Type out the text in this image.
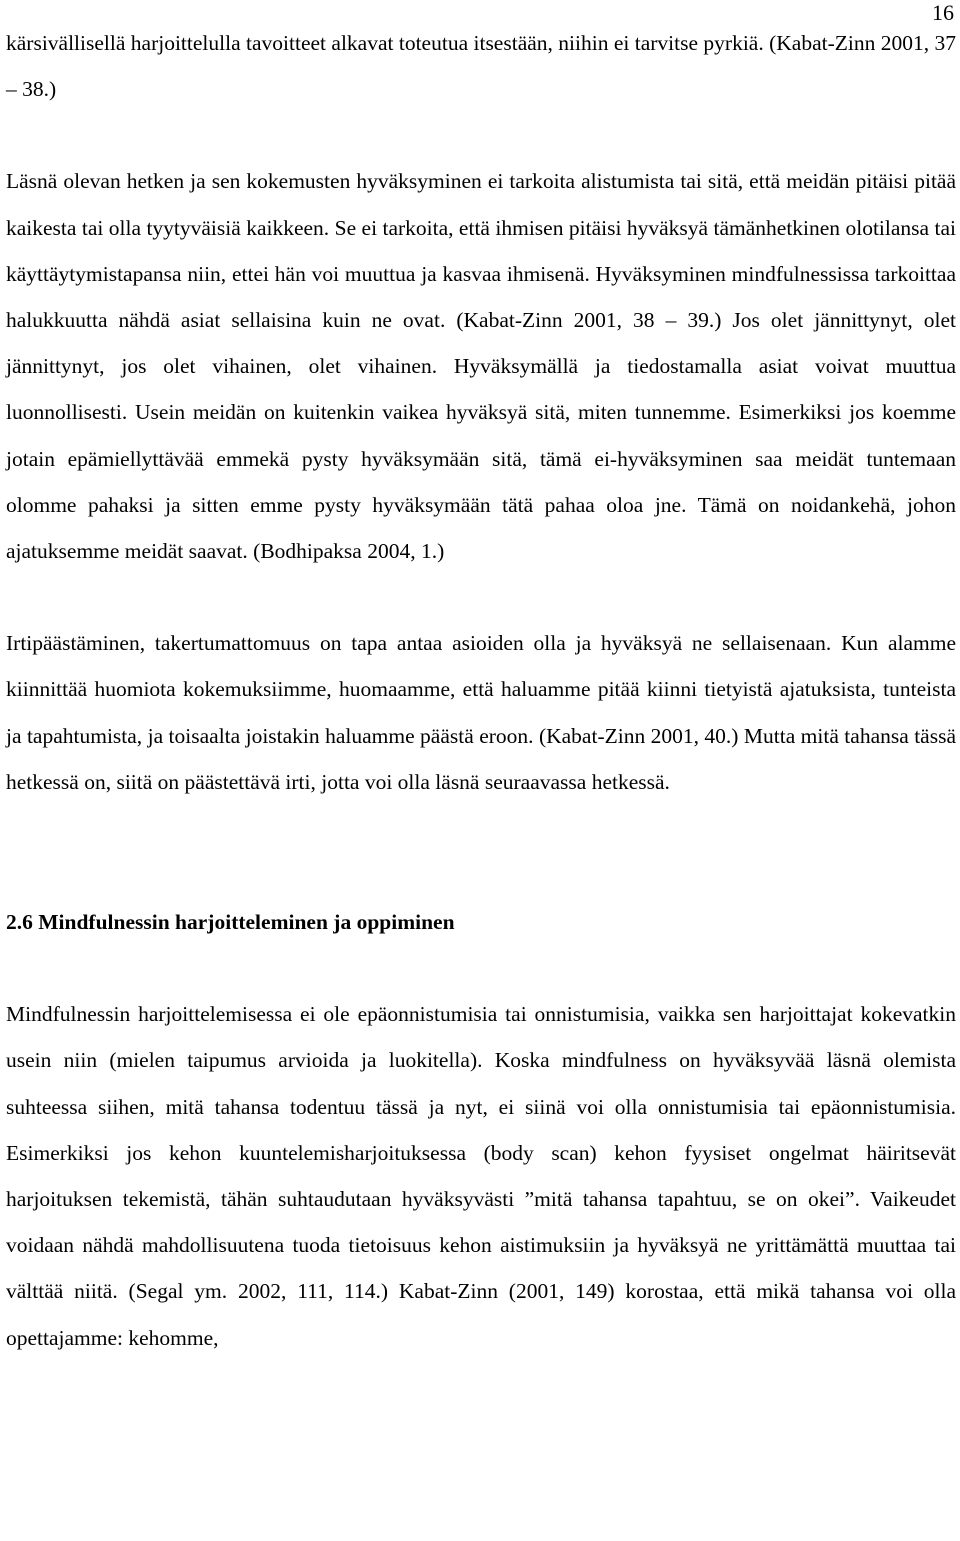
16

kärsivällisellä harjoittelulla tavoitteet alkavat toteutua itsestään, niihin ei tarvitse pyrkiä. (Kabat-Zinn 2001, 37 – 38.)

Läsnä olevan hetken ja sen kokemusten hyväksyminen ei tarkoita alistumista tai sitä, että meidän pitäisi pitää kaikesta tai olla tyytyväisiä kaikkeen. Se ei tarkoita, että ihmisen pitäisi hyväksyä tämänhetkinen olotilansa tai käyttäytymistapansa niin, ettei hän voi muuttua ja kasvaa ihmisenä. Hyväksyminen mindfulnessissa tarkoittaa halukkuutta nähdä asiat sellaisina kuin ne ovat. (Kabat-Zinn 2001, 38 – 39.) Jos olet jännittynyt, olet jännittynyt, jos olet vihainen, olet vihainen. Hyväksymällä ja tiedostamalla asiat voivat muuttua luonnollisesti. Usein meidän on kuitenkin vaikea hyväksyä sitä, miten tunnemme. Esimerkiksi jos koemme jotain epämiellyttävää emmekä pysty hyväksymään sitä, tämä ei-hyväksyminen saa meidät tuntemaan olomme pahaksi ja sitten emme pysty hyväksymään tätä pahaa oloa jne. Tämä on noidankehä, johon ajatuksemme meidät saavat. (Bodhipaksa 2004, 1.)

Irtipäästäminen, takertumattomuus on tapa antaa asioiden olla ja hyväksyä ne sellaisenaan. Kun alamme kiinnittää huomiota kokemuksiimme, huomaamme, että haluamme pitää kiinni tietyistä ajatuksista, tunteista ja tapahtumista, ja toisaalta joistakin haluamme päästä eroon. (Kabat-Zinn 2001, 40.) Mutta mitä tahansa tässä hetkessä on, siitä on päästettävä irti, jotta voi olla läsnä seuraavassa hetkessä.

2.6 Mindfulnessin harjoitteleminen ja oppiminen

Mindfulnessin harjoittelemisessa ei ole epäonnistumisia tai onnistumisia, vaikka sen harjoittajat kokevatkin usein niin (mielen taipumus arvioida ja luokitella). Koska mindfulness on hyväksyvää läsnä olemista suhteessa siihen, mitä tahansa todentuu tässä ja nyt, ei siinä voi olla onnistumisia tai epäonnistumisia. Esimerkiksi jos kehon kuuntelemisharjoituksessa (body scan) kehon fyysiset ongelmat häiritsevät harjoituksen tekemistä, tähän suhtaudutaan hyväksyvästi ”mitä tahansa tapahtuu, se on okei”. Vaikeudet voidaan nähdä mahdollisuutena tuoda tietoisuus kehon aistimuksiin ja hyväksyä ne yrittämättä muuttaa tai välttää niitä. (Segal ym. 2002, 111, 114.) Kabat-Zinn (2001, 149) korostaa, että mikä tahansa voi olla opettajamme: kehomme,
